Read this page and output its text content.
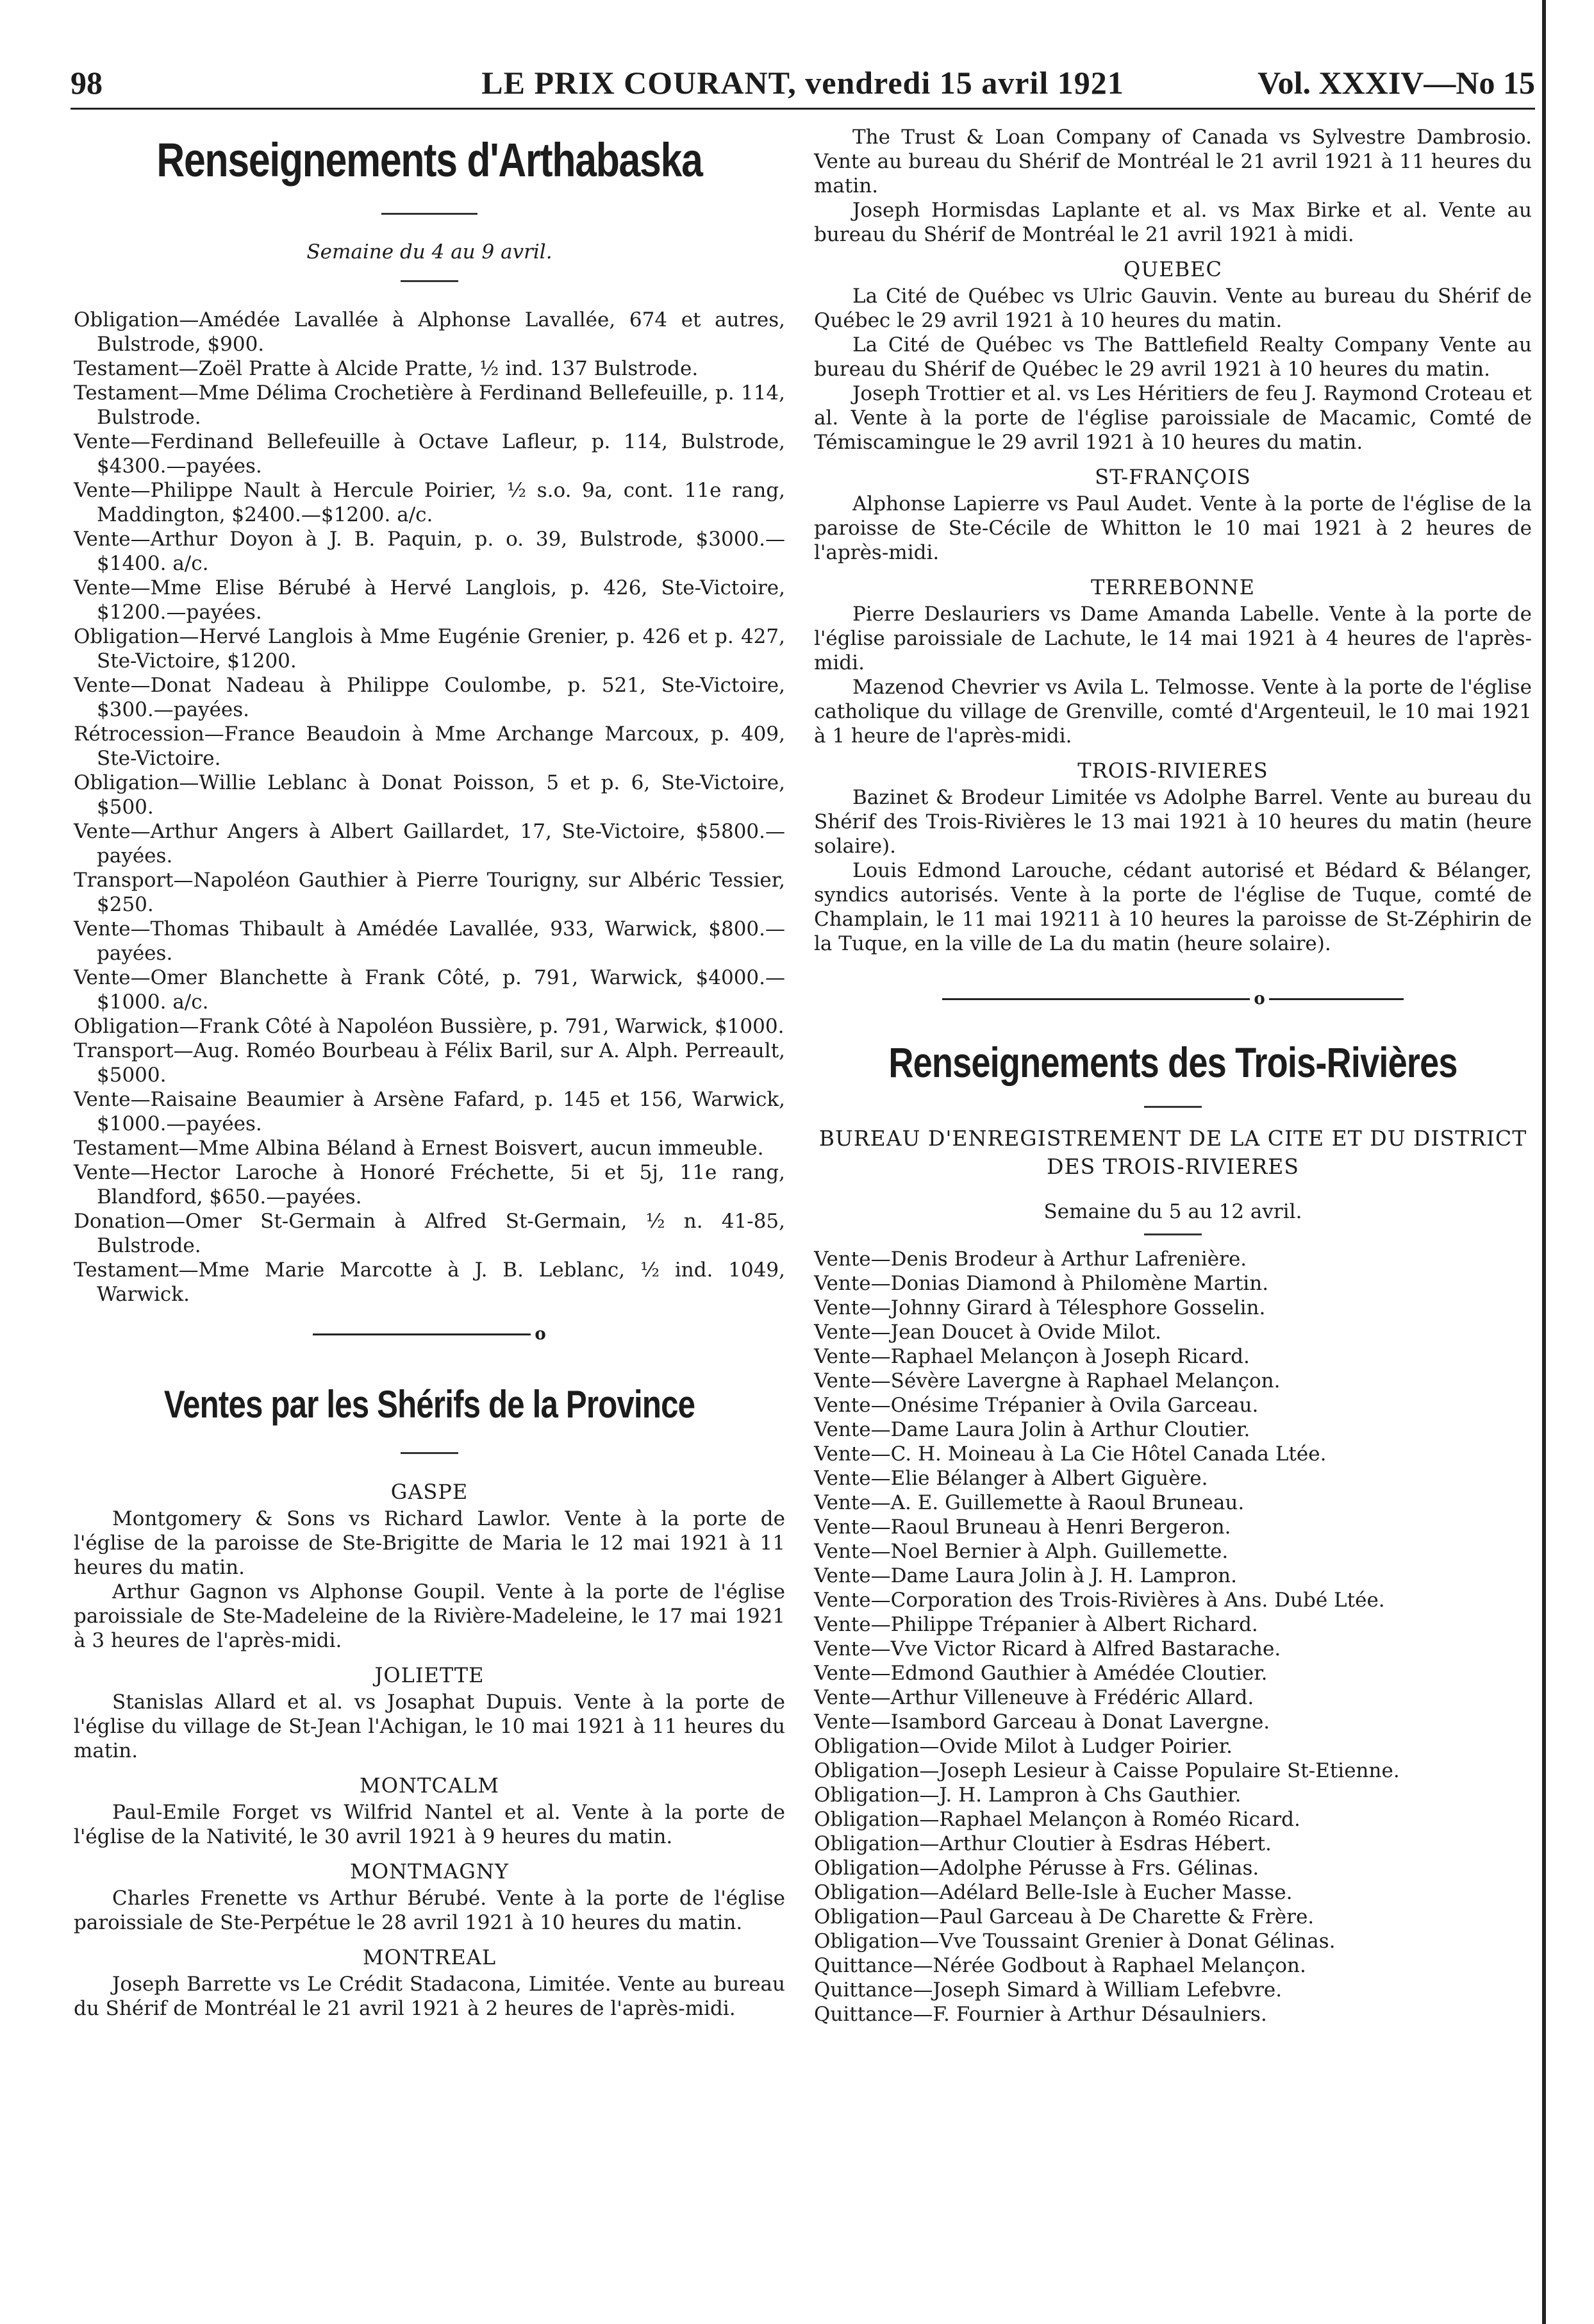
98	LE PRIX COURANT, vendredi 15 avril 1921	Vol. XXXIV—No 15
Renseignements d'Arthabaska
Semaine du 4 au 9 avril.

Obligation—Amédée Lavallée à Alphonse Lavallée, 674 et autres, Bulstrode, $900.

Testament—Zoël Pratte à Alcide Pratte, ½ ind. 137 Bulstrode.

Testament—Mme Délima Crochetière à Ferdinand Bellefeuille, p. 114, Bulstrode.

Vente—Ferdinand Bellefeuille à Octave Lafleur, p. 114, Bulstrode, $4300.—payées.

Vente—Philippe Nault à Hercule Poirier, ½ s.o. 9a, cont. 11e rang, Maddington, $2400.—$1200. a/c.

Vente—Arthur Doyon à J. B. Paquin, p. o. 39, Bulstrode, $3000.—$1400. a/c.

Vente—Mme Elise Bérubé à Hervé Langlois, p. 426, Ste-Victoire, $1200.—payées.

Obligation—Hervé Langlois à Mme Eugénie Grenier, p. 426 et p. 427, Ste-Victoire, $1200.

Vente—Donat Nadeau à Philippe Coulombe, p. 521, Ste-Victoire, $300.—payées.

Rétrocession—France Beaudoin à Mme Archange Marcoux, p. 409, Ste-Victoire.

Obligation—Willie Leblanc à Donat Poisson, 5 et p. 6, Ste-Victoire, $500.

Vente—Arthur Angers à Albert Gaillardet, 17, Ste-Victoire, $5800.—payées.

Transport—Napoléon Gauthier à Pierre Tourigny, sur Albéric Tessier, $250.

Vente—Thomas Thibault à Amédée Lavallée, 933, Warwick, $800.—payées.

Vente—Omer Blanchette à Frank Côté, p. 791, Warwick, $4000.—$1000. a/c.

Obligation—Frank Côté à Napoléon Bussière, p. 791, Warwick, $1000.

Transport—Aug. Roméo Bourbeau à Félix Baril, sur A. Alph. Perreault, $5000.

Vente—Raisaine Beaumier à Arsène Fafard, p. 145 et 156, Warwick, $1000.—payées.

Testament—Mme Albina Béland à Ernest Boisvert, aucun immeuble.

Vente—Hector Laroche à Honoré Fréchette, 5i et 5j, 11e rang, Blandford, $650.—payées.

Donation—Omer St-Germain à Alfred St-Germain, ½ n. 41-85, Bulstrode.

Testament—Mme Marie Marcotte à J. B. Leblanc, ½ ind. 1049, Warwick.

o
Ventes par les Shérifs de la Province
GASPE

Montgomery & Sons vs Richard Lawlor. Vente à la porte de l'église de la paroisse de Ste-Brigitte de Maria le 12 mai 1921 à 11 heures du matin.

Arthur Gagnon vs Alphonse Goupil. Vente à la porte de l'église paroissiale de Ste-Madeleine de la Rivière-Madeleine, le 17 mai 1921 à 3 heures de l'après-midi.

JOLIETTE

Stanislas Allard et al. vs Josaphat Dupuis. Vente à la porte de l'église du village de St-Jean l'Achigan, le 10 mai 1921 à 11 heures du matin.

MONTCALM

Paul-Emile Forget vs Wilfrid Nantel et al. Vente à la porte de l'église de la Nativité, le 30 avril 1921 à 9 heures du matin.

MONTMAGNY

Charles Frenette vs Arthur Bérubé. Vente à la porte de l'église paroissiale de Ste-Perpétue le 28 avril 1921 à 10 heures du matin.

MONTREAL

Joseph Barrette vs Le Crédit Stadacona, Limitée. Vente au bureau du Shérif de Montréal le 21 avril 1921 à 2 heures de l'après-midi.

The Trust & Loan Company of Canada vs Sylvestre Dambrosio. Vente au bureau du Shérif de Montréal le 21 avril 1921 à 11 heures du matin.

Joseph Hormisdas Laplante et al. vs Max Birke et al. Vente au bureau du Shérif de Montréal le 21 avril 1921 à midi.

QUEBEC

La Cité de Québec vs Ulric Gauvin. Vente au bureau du Shérif de Québec le 29 avril 1921 à 10 heures du matin.

La Cité de Québec vs The Battlefield Realty Company Vente au bureau du Shérif de Québec le 29 avril 1921 à 10 heures du matin.

Joseph Trottier et al. vs Les Héritiers de feu J. Raymond Croteau et al. Vente à la porte de l'église paroissiale de Macamic, Comté de Témiscamingue le 29 avril 1921 à 10 heures du matin.

ST-FRANÇOIS

Alphonse Lapierre vs Paul Audet. Vente à la porte de l'église de la paroisse de Ste-Cécile de Whitton le 10 mai 1921 à 2 heures de l'après-midi.

TERREBONNE

Pierre Deslauriers vs Dame Amanda Labelle. Vente à la porte de l'église paroissiale de Lachute, le 14 mai 1921 à 4 heures de l'après-midi.

Mazenod Chevrier vs Avila L. Telmosse. Vente à la porte de l'église catholique du village de Grenville, comté d'Argenteuil, le 10 mai 1921 à 1 heure de l'après-midi.

TROIS-RIVIERES

Bazinet & Brodeur Limitée vs Adolphe Barrel. Vente au bureau du Shérif des Trois-Rivières le 13 mai 1921 à 10 heures du matin (heure solaire).

Louis Edmond Larouche, cédant autorisé et Bédard & Bélanger, syndics autorisés. Vente à la porte de l'église de Tuque, comté de Champlain, le 11 mai 19211 à 10 heures la paroisse de St-Zéphirin de la Tuque, en la ville de La du matin (heure solaire).

o
Renseignements des Trois-Rivières
BUREAU D'ENREGISTREMENT DE LA CITE ET DU DISTRICT DES TROIS-RIVIERES
Semaine du 5 au 12 avril.
Vente—Denis Brodeur à Arthur Lafrenière.
Vente—Donias Diamond à Philomène Martin.
Vente—Johnny Girard à Télesphore Gosselin.
Vente—Jean Doucet à Ovide Milot.
Vente—Raphael Melançon à Joseph Ricard.
Vente—Sévère Lavergne à Raphael Melançon.
Vente—Onésime Trépanier à Ovila Garceau.
Vente—Dame Laura Jolin à Arthur Cloutier.
Vente—C. H. Moineau à La Cie Hôtel Canada Ltée.
Vente—Elie Bélanger à Albert Giguère.
Vente—A. E. Guillemette à Raoul Bruneau.
Vente—Raoul Bruneau à Henri Bergeron.
Vente—Noel Bernier à Alph. Guillemette.
Vente—Dame Laura Jolin à J. H. Lampron.
Vente—Corporation des Trois-Rivières à Ans. Dubé Ltée.
Vente—Philippe Trépanier à Albert Richard.
Vente—Vve Victor Ricard à Alfred Bastarache.
Vente—Edmond Gauthier à Amédée Cloutier.
Vente—Arthur Villeneuve à Frédéric Allard.
Vente—Isambord Garceau à Donat Lavergne.
Obligation—Ovide Milot à Ludger Poirier.
Obligation—Joseph Lesieur à Caisse Populaire St-Etienne.
Obligation—J. H. Lampron à Chs Gauthier.
Obligation—Raphael Melançon à Roméo Ricard.
Obligation—Arthur Cloutier à Esdras Hébert.
Obligation—Adolphe Pérusse à Frs. Gélinas.
Obligation—Adélard Belle-Isle à Eucher Masse.
Obligation—Paul Garceau à De Charette & Frère.
Obligation—Vve Toussaint Grenier à Donat Gélinas.
Quittance—Nérée Godbout à Raphael Melançon.
Quittance—Joseph Simard à William Lefebvre.
Quittance—F. Fournier à Arthur Désaulniers.
